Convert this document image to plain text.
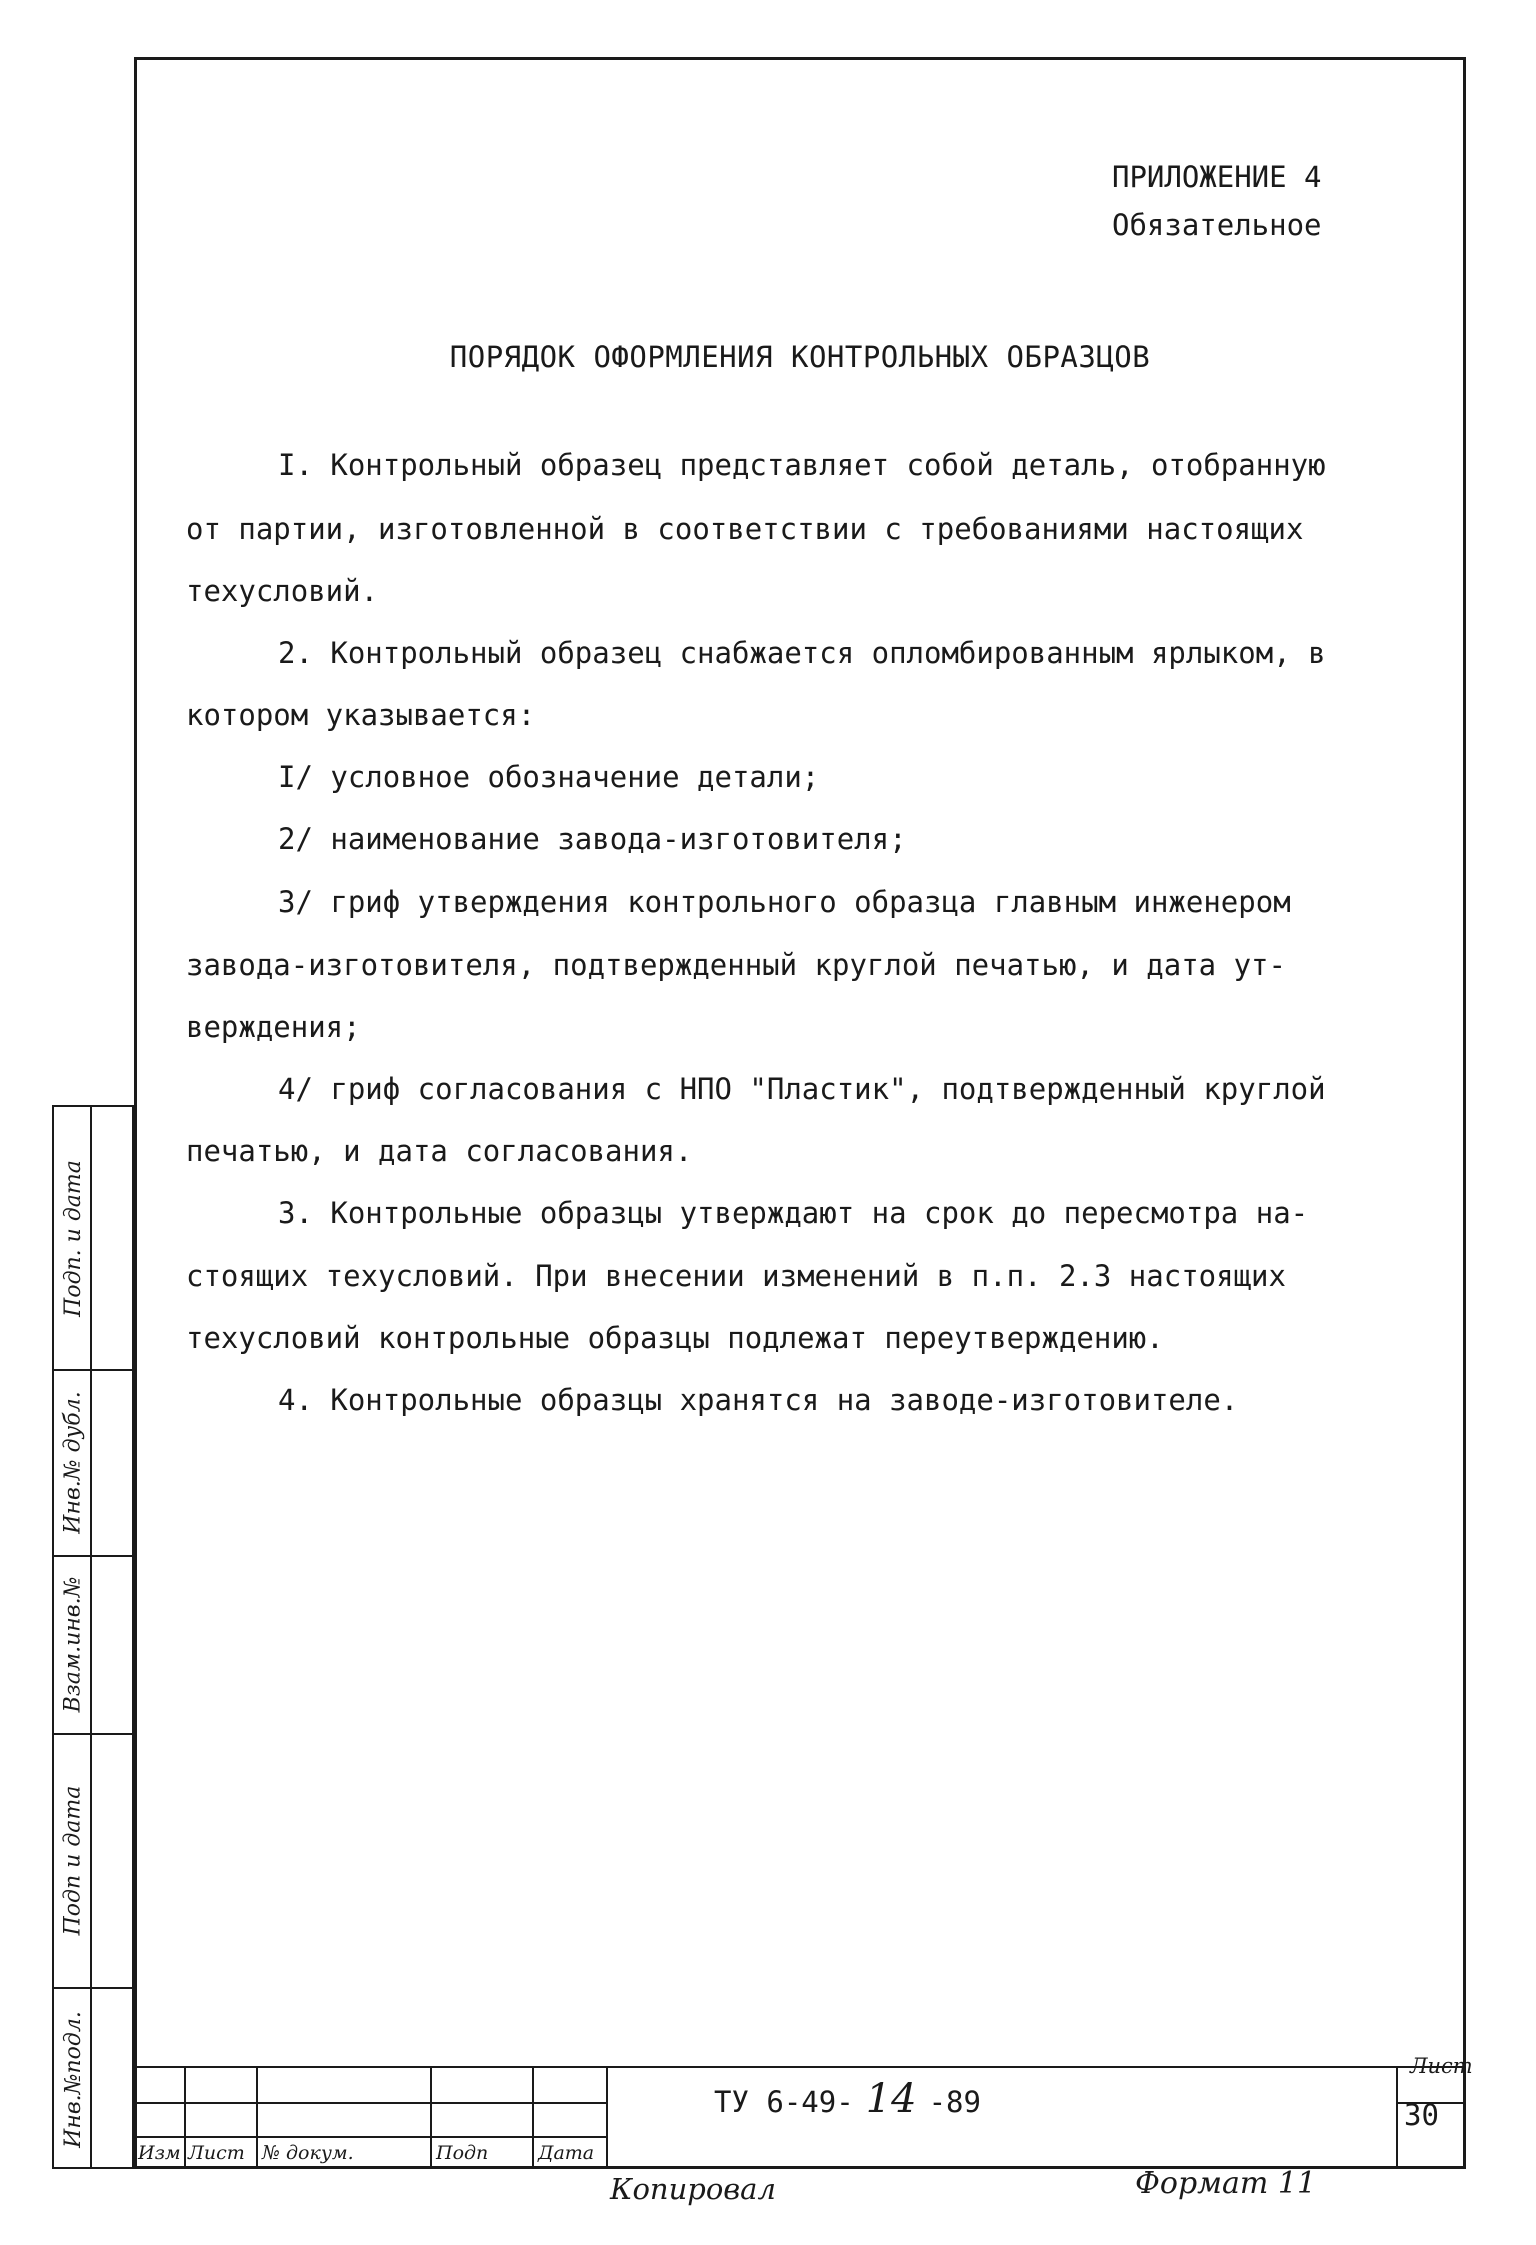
ПРИЛОЖЕНИЕ 4
Обязательное
ПОРЯДОК ОФОРМЛЕНИЯ КОНТРОЛЬНЫХ ОБРАЗЦОВ
I. Контрольный образец представляет собой деталь, отобранную
от партии, изготовленной в соответствии с требованиями настоящих
техусловий.
2. Контрольный образец снабжается опломбированным ярлыком, в
котором указывается:
I/ условное обозначение детали;
2/ наименование завода-изготовителя;
3/ гриф утверждения контрольного образца главным инженером
завода-изготовителя, подтвержденный круглой печатью, и дата ут-
верждения;
4/ гриф согласования с НПО "Пластик", подтвержденный круглой
печатью, и дата согласования.
3. Контрольные образцы утверждают на срок до пересмотра на-
стоящих техусловий. При внесении изменений в п.п. 2.3 настоящих
техусловий контрольные образцы подлежат переутверждению.
4. Контрольные образцы хранятся на заводе-изготовителе.
Подп. и дата
Инв.№ дубл.
Взам.инв.№
Подп и дата
Инв.№подл.
Изм Лист № докум.	Подп	Дата
ТУ 6-49- 14 -89
Лист
30
Копировал	Формат 11
